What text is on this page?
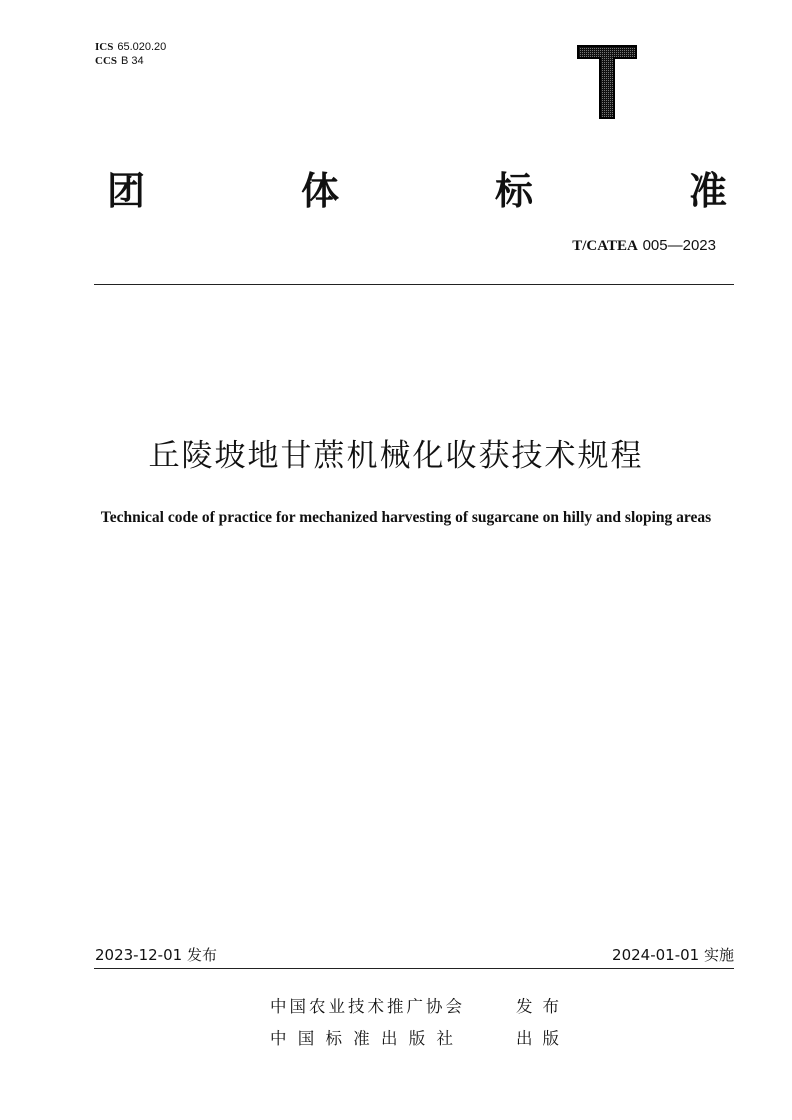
ICS 65.020.20
CCS B 34
团	体	标	准
T/CATEA 005—2023
丘陵坡地甘蔗机械化收获技术规程
Technical code of practice for mechanized harvesting of sugarcane on hilly and sloping areas
2023-12-01 发布	2024-01-01 实施
中国农业技术推广协会	发布
中 国 标 准 出 版 社	出版
